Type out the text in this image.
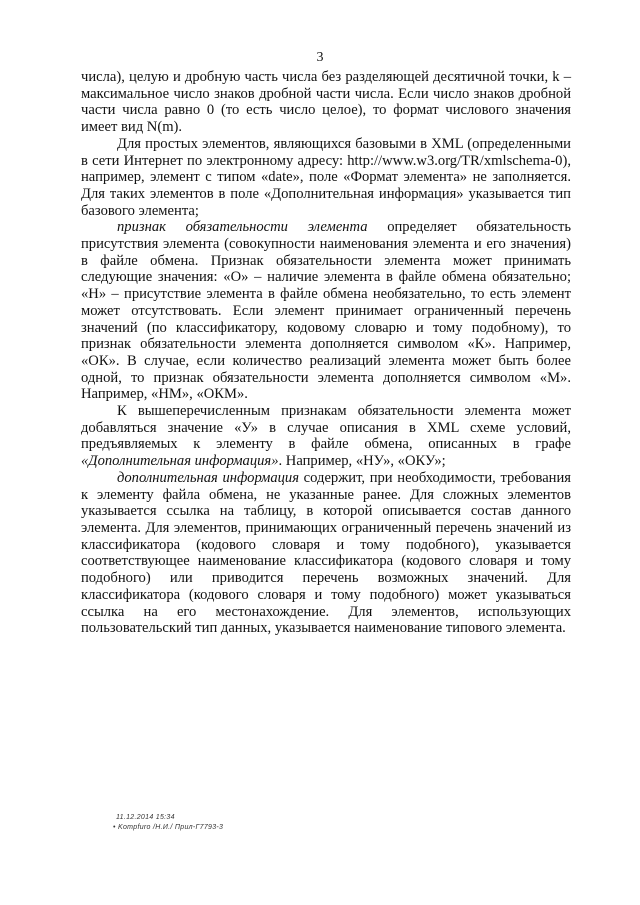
3

числа), целую и дробную часть числа без разделяющей десятичной точки, k – максимальное число знаков дробной части числа. Если число знаков дробной части числа равно 0 (то есть число целое), то формат числового значения имеет вид N(m).

Для простых элементов, являющихся базовыми в XML (определенными в сети Интернет по электронному адресу: http://www.w3.org/TR/xmlschema-0), например, элемент с типом «date», поле «Формат элемента» не заполняется. Для таких элементов в поле «Дополнительная информация» указывается тип базового элемента;

признак обязательности элемента определяет обязательность присутствия элемента (совокупности наименования элемента и его значения) в файле обмена. Признак обязательности элемента может принимать следующие значения: «О» – наличие элемента в файле обмена обязательно; «Н» – присутствие элемента в файле обмена необязательно, то есть элемент может отсутствовать. Если элемент принимает ограниченный перечень значений (по классификатору, кодовому словарю и тому подобному), то признак обязательности элемента дополняется символом «К». Например, «ОК». В случае, если количество реализаций элемента может быть более одной, то признак обязательности элемента дополняется символом «М». Например, «НМ», «ОКМ».

К вышеперечисленным признакам обязательности элемента может добавляться значение «У» в случае описания в XML схеме условий, предъявляемых к элементу в файле обмена, описанных в графе «Дополнительная информация». Например, «НУ», «ОКУ»;

дополнительная информация содержит, при необходимости, требования к элементу файла обмена, не указанные ранее. Для сложных элементов указывается ссылка на таблицу, в которой описывается состав данного элемента. Для элементов, принимающих ограниченный перечень значений из классификатора (кодового словаря и тому подобного), указывается соответствующее наименование классификатора (кодового словаря и тому подобного) или приводится перечень возможных значений. Для классификатора (кодового словаря и тому подобного) может указываться ссылка на его местонахождение. Для элементов, использующих пользовательский тип данных, указывается наименование типового элемента.

11.12.2014 15:34
• Kompfuro /Н.И./ Прил-Г7793-3
